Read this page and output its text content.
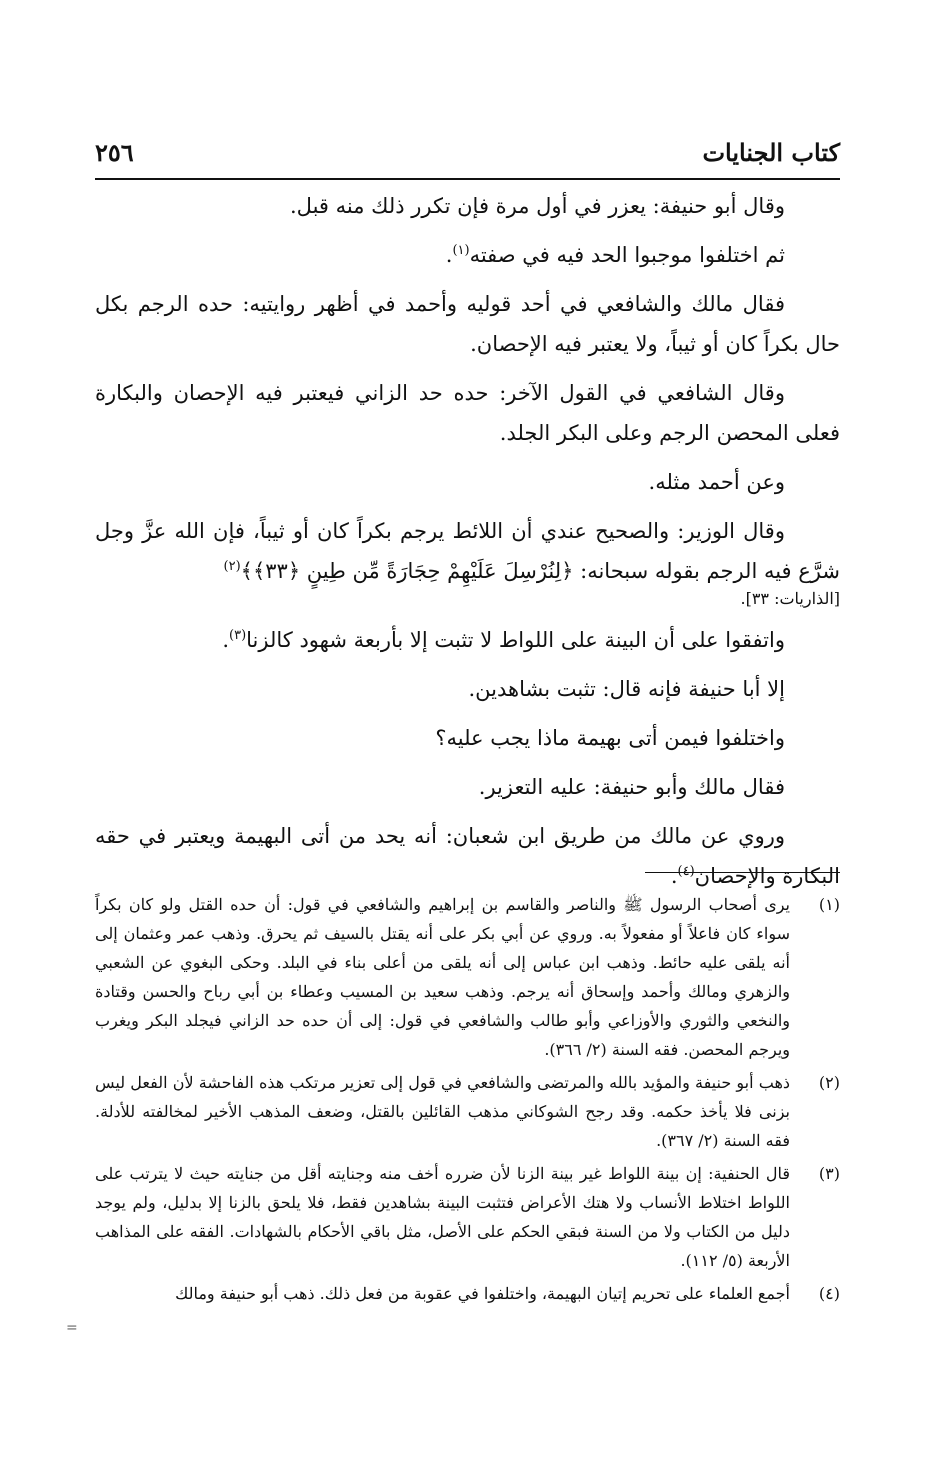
كتاب الجنايات
٢٥٦

وقال أبو حنيفة: يعزر في أول مرة فإن تكرر ذلك منه قبل.

ثم اختلفوا موجبوا الحد فيه في صفته$^{(١)}$.

فقال مالك والشافعي في أحد قوليه وأحمد في أظهر روايتيه: حده الرجم بكل حال بكراً كان أو ثيباً، ولا يعتبر فيه الإحصان.

وقال الشافعي في القول الآخر: حده حد الزاني فيعتبر فيه الإحصان والبكارة فعلى المحصن الرجم وعلى البكر الجلد.

وعن أحمد مثله.

وقال الوزير: والصحيح عندي أن اللائط يرجم بكراً كان أو ثيباً، فإن الله عزَّ وجل شرَّع فيه الرجم بقوله سبحانه: ﴿لِنُرْسِلَ عَلَيْهِمْ حِجَارَةً مِّن طِينٍ ﴿٣٣﴾﴾$^{(٢)}$
[الذاريات: ٣٣].

واتفقوا على أن البينة على اللواط لا تثبت إلا بأربعة شهود كالزنا$^{(٣)}$.

إلا أبا حنيفة فإنه قال: تثبت بشاهدين.

واختلفوا فيمن أتى بهيمة ماذا يجب عليه؟

فقال مالك وأبو حنيفة: عليه التعزير.

وروي عن مالك من طريق ابن شعبان: أنه يحد من أتى البهيمة ويعتبر في حقه البكارة والإحصان$^{(٤)}$.

(١)
يرى أصحاب الرسول ﷺ والناصر والقاسم بن إبراهيم والشافعي في قول: أن حده القتل ولو كان بكراً سواء كان فاعلاً أو مفعولاً به. وروي عن أبي بكر على أنه يقتل بالسيف ثم يحرق. وذهب عمر وعثمان إلى أنه يلقى عليه حائط. وذهب ابن عباس إلى أنه يلقى من أعلى بناء في البلد. وحكى البغوي عن الشعبي والزهري ومالك وأحمد وإسحاق أنه يرجم. وذهب سعيد بن المسيب وعطاء بن أبي رباح والحسن وقتادة والنخعي والثوري والأوزاعي وأبو طالب والشافعي في قول: إلى أن حده حد الزاني فيجلد البكر ويغرب ويرجم المحصن. فقه السنة (٢/ ٣٦٦).
(٢)
ذهب أبو حنيفة والمؤيد بالله والمرتضى والشافعي في قول إلى تعزير مرتكب هذه الفاحشة لأن الفعل ليس بزنى فلا يأخذ حكمه. وقد رجح الشوكاني مذهب القائلين بالقتل، وضعف المذهب الأخير لمخالفته للأدلة. فقه السنة (٢/ ٣٦٧).
(٣)
قال الحنفية: إن بينة اللواط غير بينة الزنا لأن ضرره أخف منه وجنايته أقل من جنايته حيث لا يترتب على اللواط اختلاط الأنساب ولا هتك الأعراض فتثبت البينة بشاهدين فقط، فلا يلحق بالزنا إلا بدليل، ولم يوجد دليل من الكتاب ولا من السنة فبقي الحكم على الأصل، مثل باقي الأحكام بالشهادات. الفقه على المذاهب الأربعة (٥/ ١١٢).
(٤)
أجمع العلماء على تحريم إتيان البهيمة، واختلفوا في عقوبة من فعل ذلك. ذهب أبو حنيفة ومالك
=
